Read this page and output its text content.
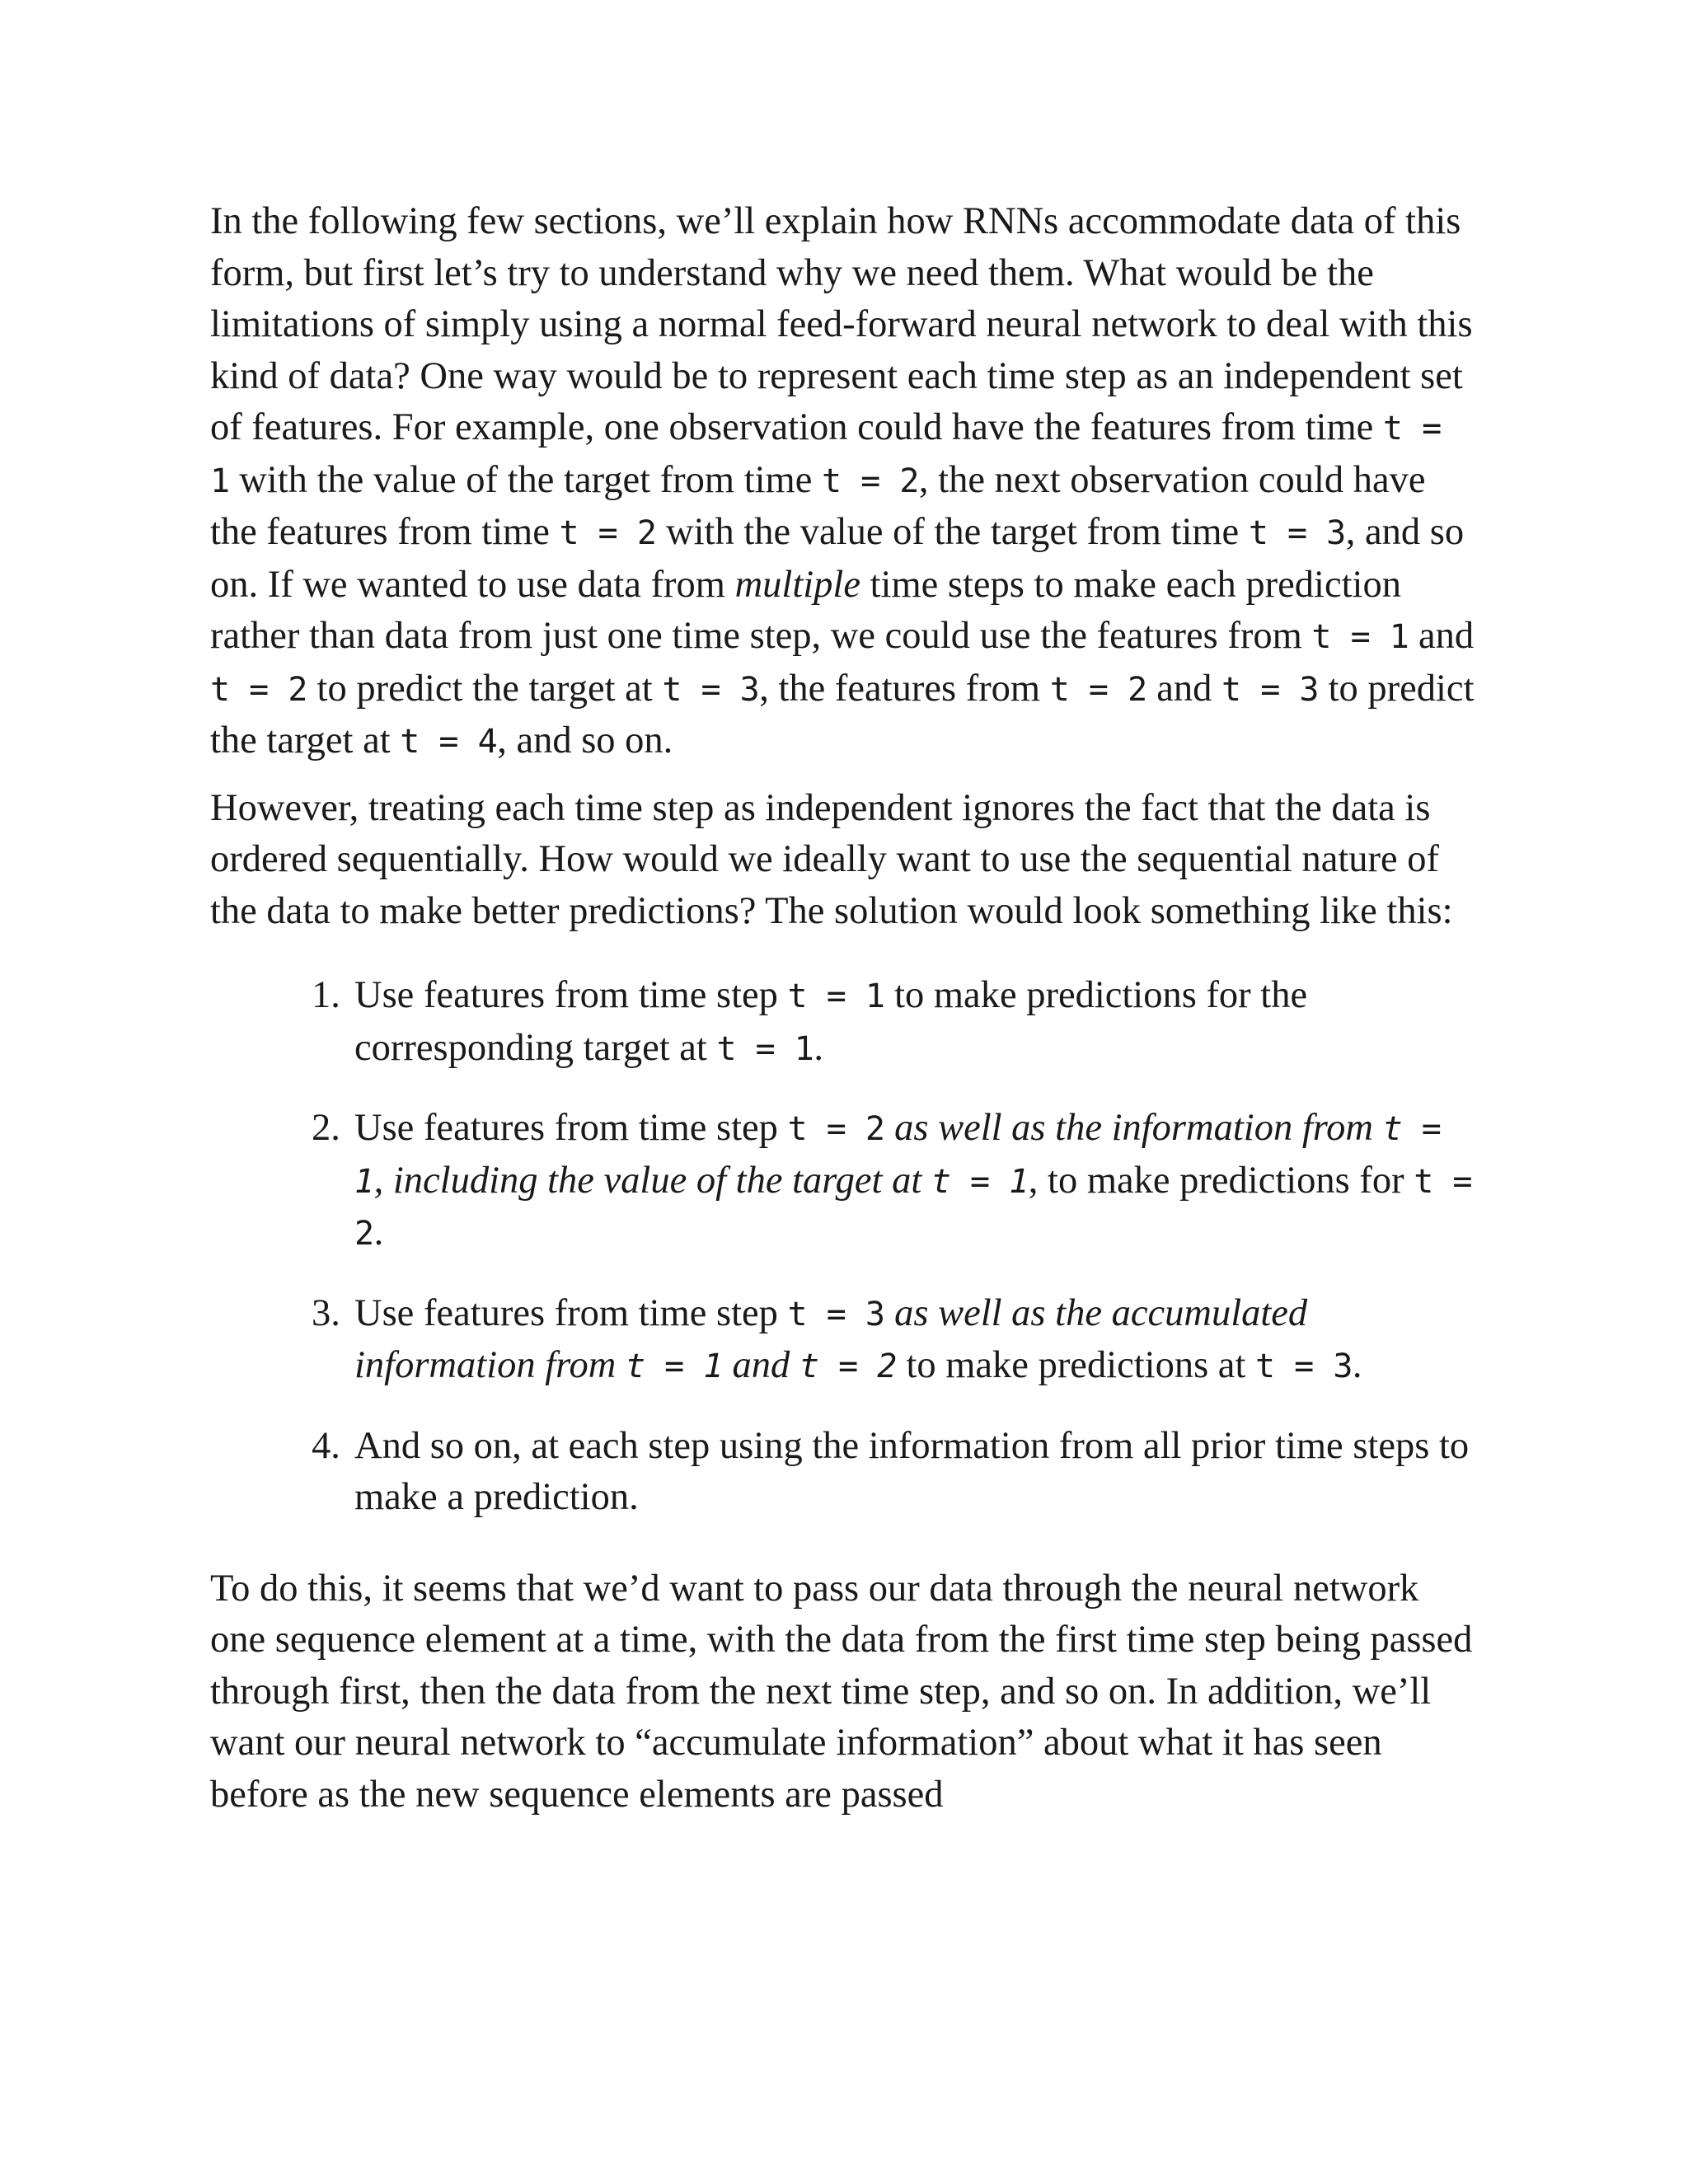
In the following few sections, we’ll explain how RNNs accommodate data of this form, but first let’s try to understand why we need them. What would be the limitations of simply using a normal feed-forward neural network to deal with this kind of data? One way would be to represent each time step as an independent set of features. For example, one observation could have the features from time t = 1 with the value of the target from time t = 2, the next observation could have the features from time t = 2 with the value of the target from time t = 3, and so on. If we wanted to use data from multiple time steps to make each prediction rather than data from just one time step, we could use the features from t = 1 and t = 2 to predict the target at t = 3, the features from t = 2 and t = 3 to predict the target at t = 4, and so on.

However, treating each time step as independent ignores the fact that the data is ordered sequentially. How would we ideally want to use the sequential nature of the data to make better predictions? The solution would look something like this:

1. Use features from time step t = 1 to make predictions for the corresponding target at t = 1.
2. Use features from time step t = 2 as well as the information from t = 1, including the value of the target at t = 1, to make predictions for t = 2.
3. Use features from time step t = 3 as well as the accumulated information from t = 1 and t = 2 to make predictions at t = 3.
4. And so on, at each step using the information from all prior time steps to make a prediction.

To do this, it seems that we’d want to pass our data through the neural network one sequence element at a time, with the data from the first time step being passed through first, then the data from the next time step, and so on. In addition, we’ll want our neural network to “accumulate information” about what it has seen before as the new sequence elements are passed
